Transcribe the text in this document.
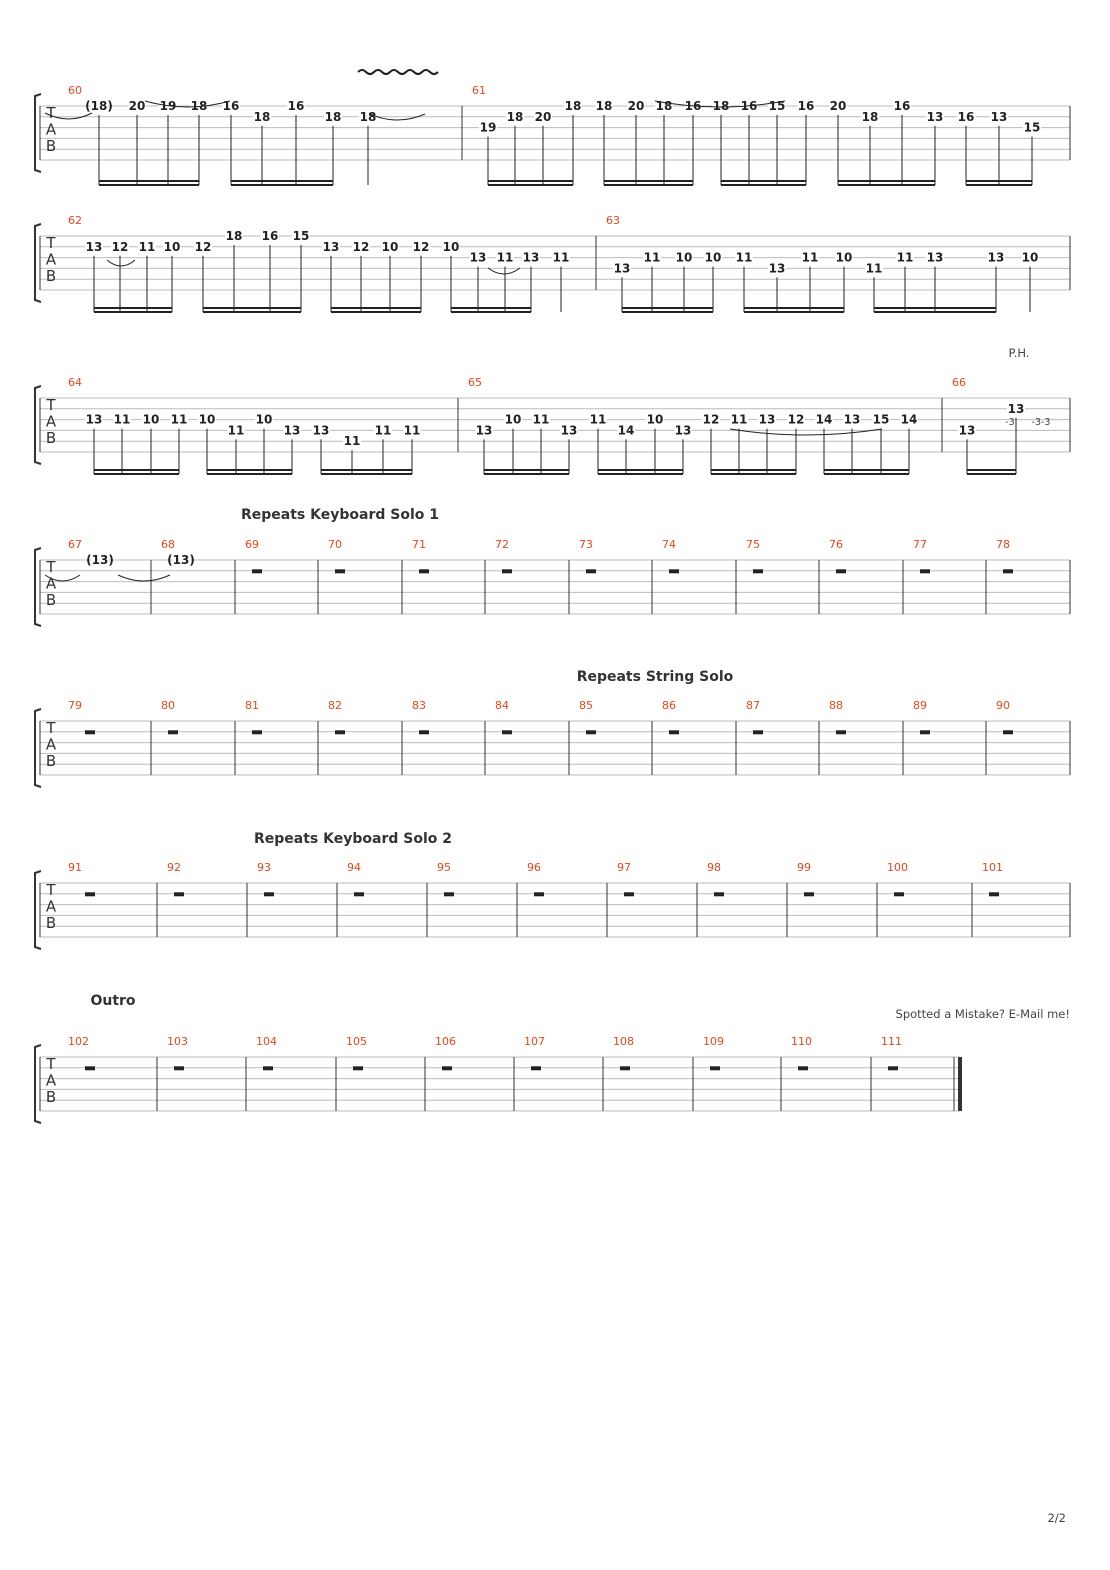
T
A
B
60
(18) 20 19 18 16
18
16
18 18
61
19
18 20
18 18 20 18 16 18 16 15 16 20
18
16
13 16 13
15
T
A
B
62
13 12 11 10 12
18 16 15
13 12 10 12 10
13 11 13 11
63
13
11 10 10 11
13
11 10
11
11 13	13 10
T
A
B
64
13 11 10 11 10
11
10
13 13
11
11 11
65
13
10 11
13
11
14
10
13
12 11 13 12 14 13 15 14
66
13
13
-3 -3-3
P.H.
T
A
B
Repeats Keyboard Solo 1
67
(13)
68
(13)
69	70	71	72	73	74	75	76	77	78
T
A
B
Repeats String Solo
79	80	81	82	83	84	85	86	87	88	89	90
T
A
B
Repeats Keyboard Solo 2
91	92	93	94	95	96	97	98	99	100	101
T
A
B
Outro
102	103	104	105	106	107	108	109	110	111
Spotted a Mistake? E-Mail me!
2/2
